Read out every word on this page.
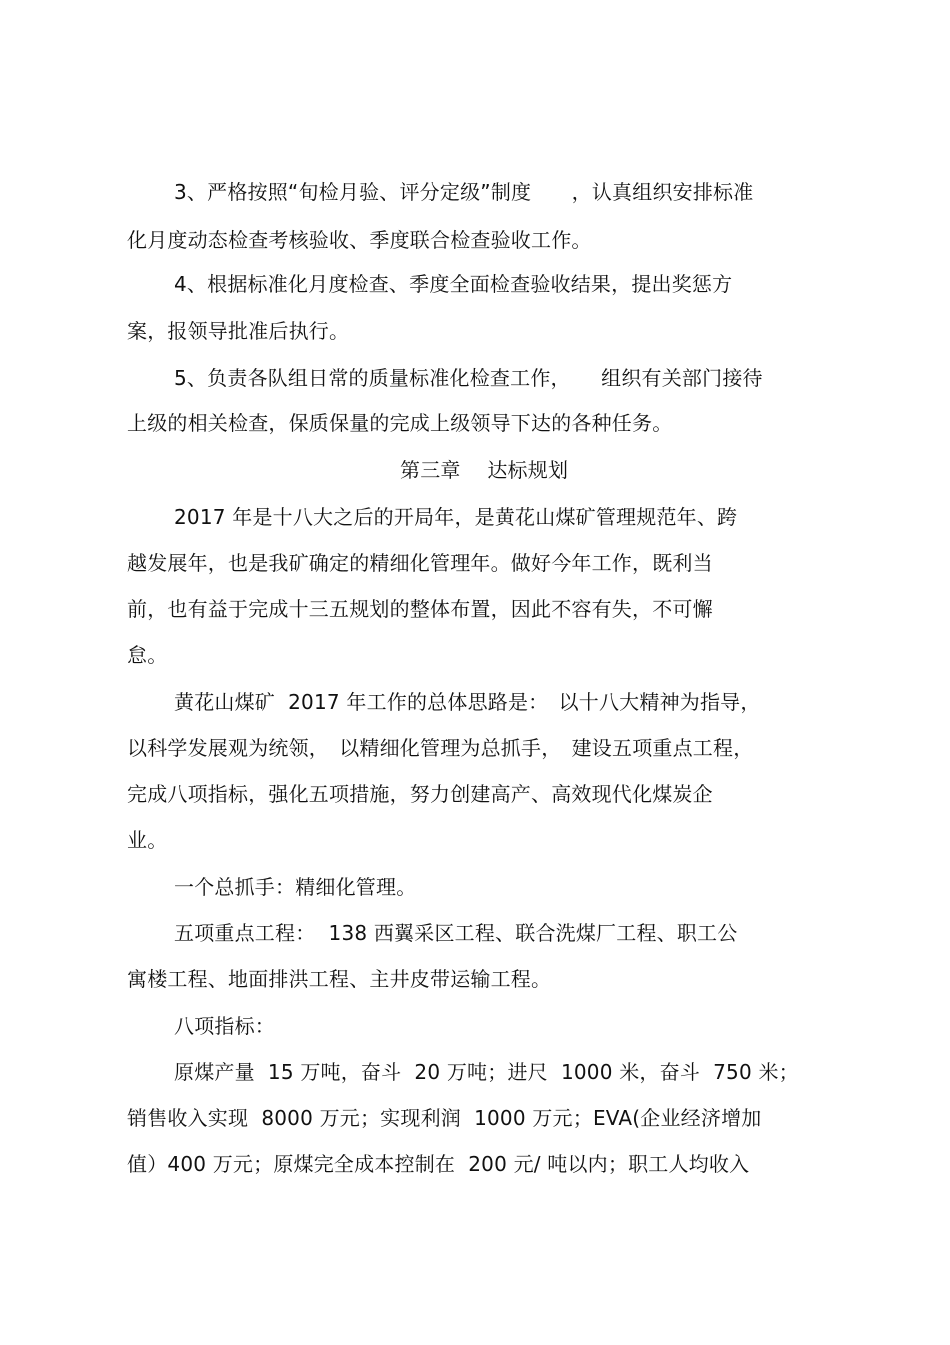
3、严格按照“旬检月验、评分定级”制度　　，认真组织安排标准
化月度动态检查考核验收、季度联合检查验收工作。
4、根据标准化月度检查、季度全面检查验收结果，提出奖惩方
案，报领导批准后执行。
5、负责各队组日常的质量标准化检查工作，　　组织有关部门接待
上级的相关检查，保质保量的完成上级领导下达的各种任务。
第三章　 达标规划
2017 年是十八大之后的开局年，是黄花山煤矿管理规范年、跨
越发展年，也是我矿确定的精细化管理年。做好今年工作，既利当
前，也有益于完成十三五规划的整体布置，因此不容有失，不可懈
怠。
黄花山煤矿  2017 年工作的总体思路是：　以十八大精神为指导，
以科学发展观为统领，　以精细化管理为总抓手，　建设五项重点工程，
完成八项指标，强化五项措施，努力创建高产、高效现代化煤炭企
业。
一个总抓手：精细化管理。
五项重点工程：  138 西翼采区工程、联合洗煤厂工程、职工公
寓楼工程、地面排洪工程、主井皮带运输工程。
八项指标：
原煤产量  15 万吨，奋斗  20 万吨；进尺  1000 米，奋斗  750 米；
销售收入实现  8000 万元；实现利润  1000 万元；EVA(企业经济增加
值）400 万元；原煤完全成本控制在  200 元/ 吨以内；职工人均收入
